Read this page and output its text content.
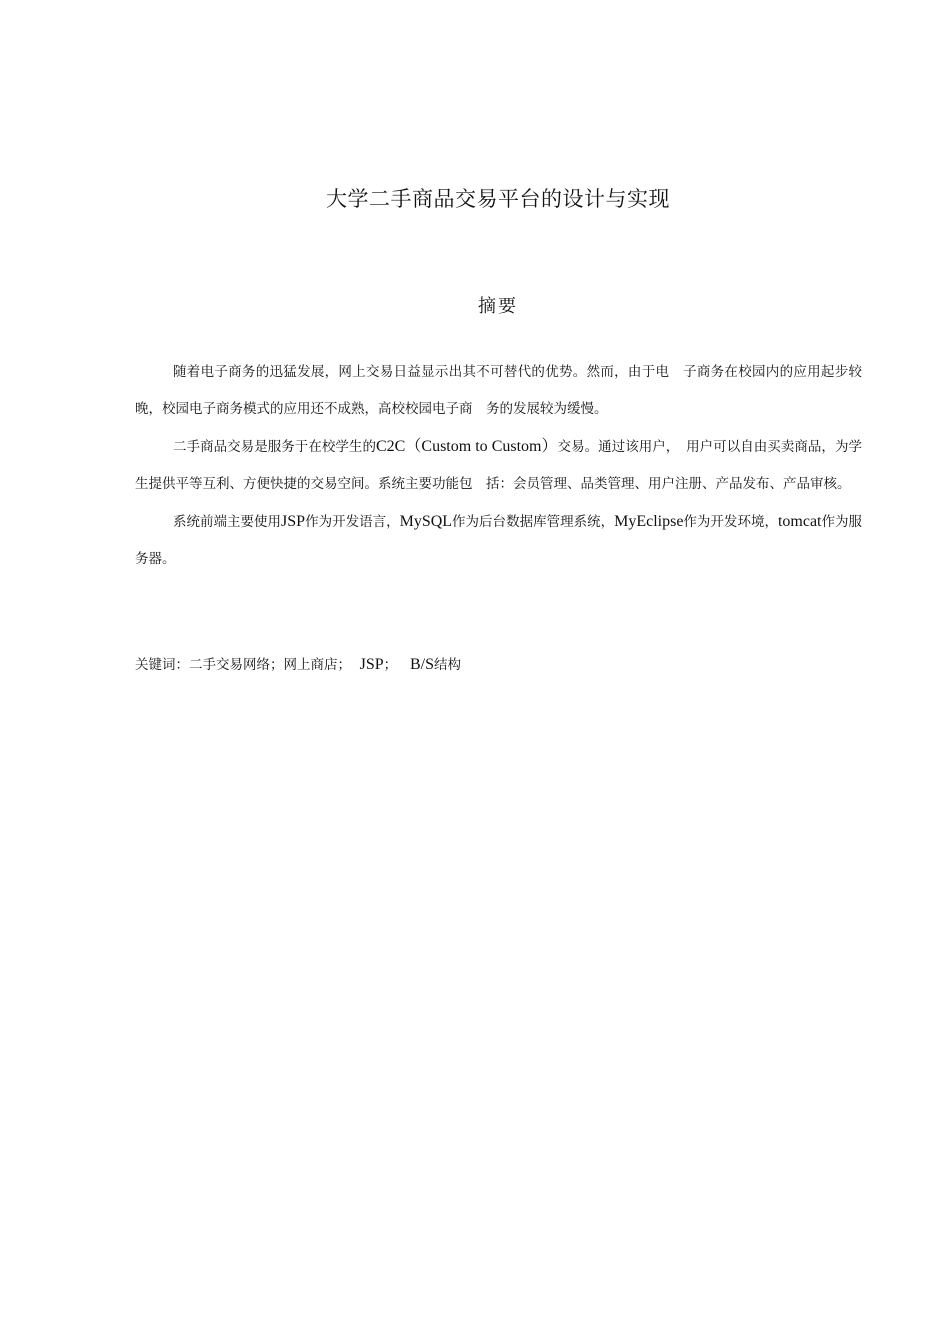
大学二手商品交易平台的设计与实现
摘要

随着电子商务的迅猛发展，网上交易日益显示出其不可替代的优势。然而，由于电　子商务在校园内的应用起步较晚，校园电子商务模式的应用还不成熟，高校校园电子商　务的发展较为缓慢。

二手商品交易是服务于在校学生的C2C（Custom to Custom）交易。通过该用户，　用户可以自由买卖商品，为学生提供平等互利、方便快捷的交易空间。系统主要功能包　括：会员管理、品类管理、用户注册、产品发布、产品审核。

系统前端主要使用JSP作为开发语言，MySQL作为后台数据库管理系统，MyEclipse作为开发环境，tomcat作为服务器。

关键词：二手交易网络；网上商店； JSP； B/S结构
